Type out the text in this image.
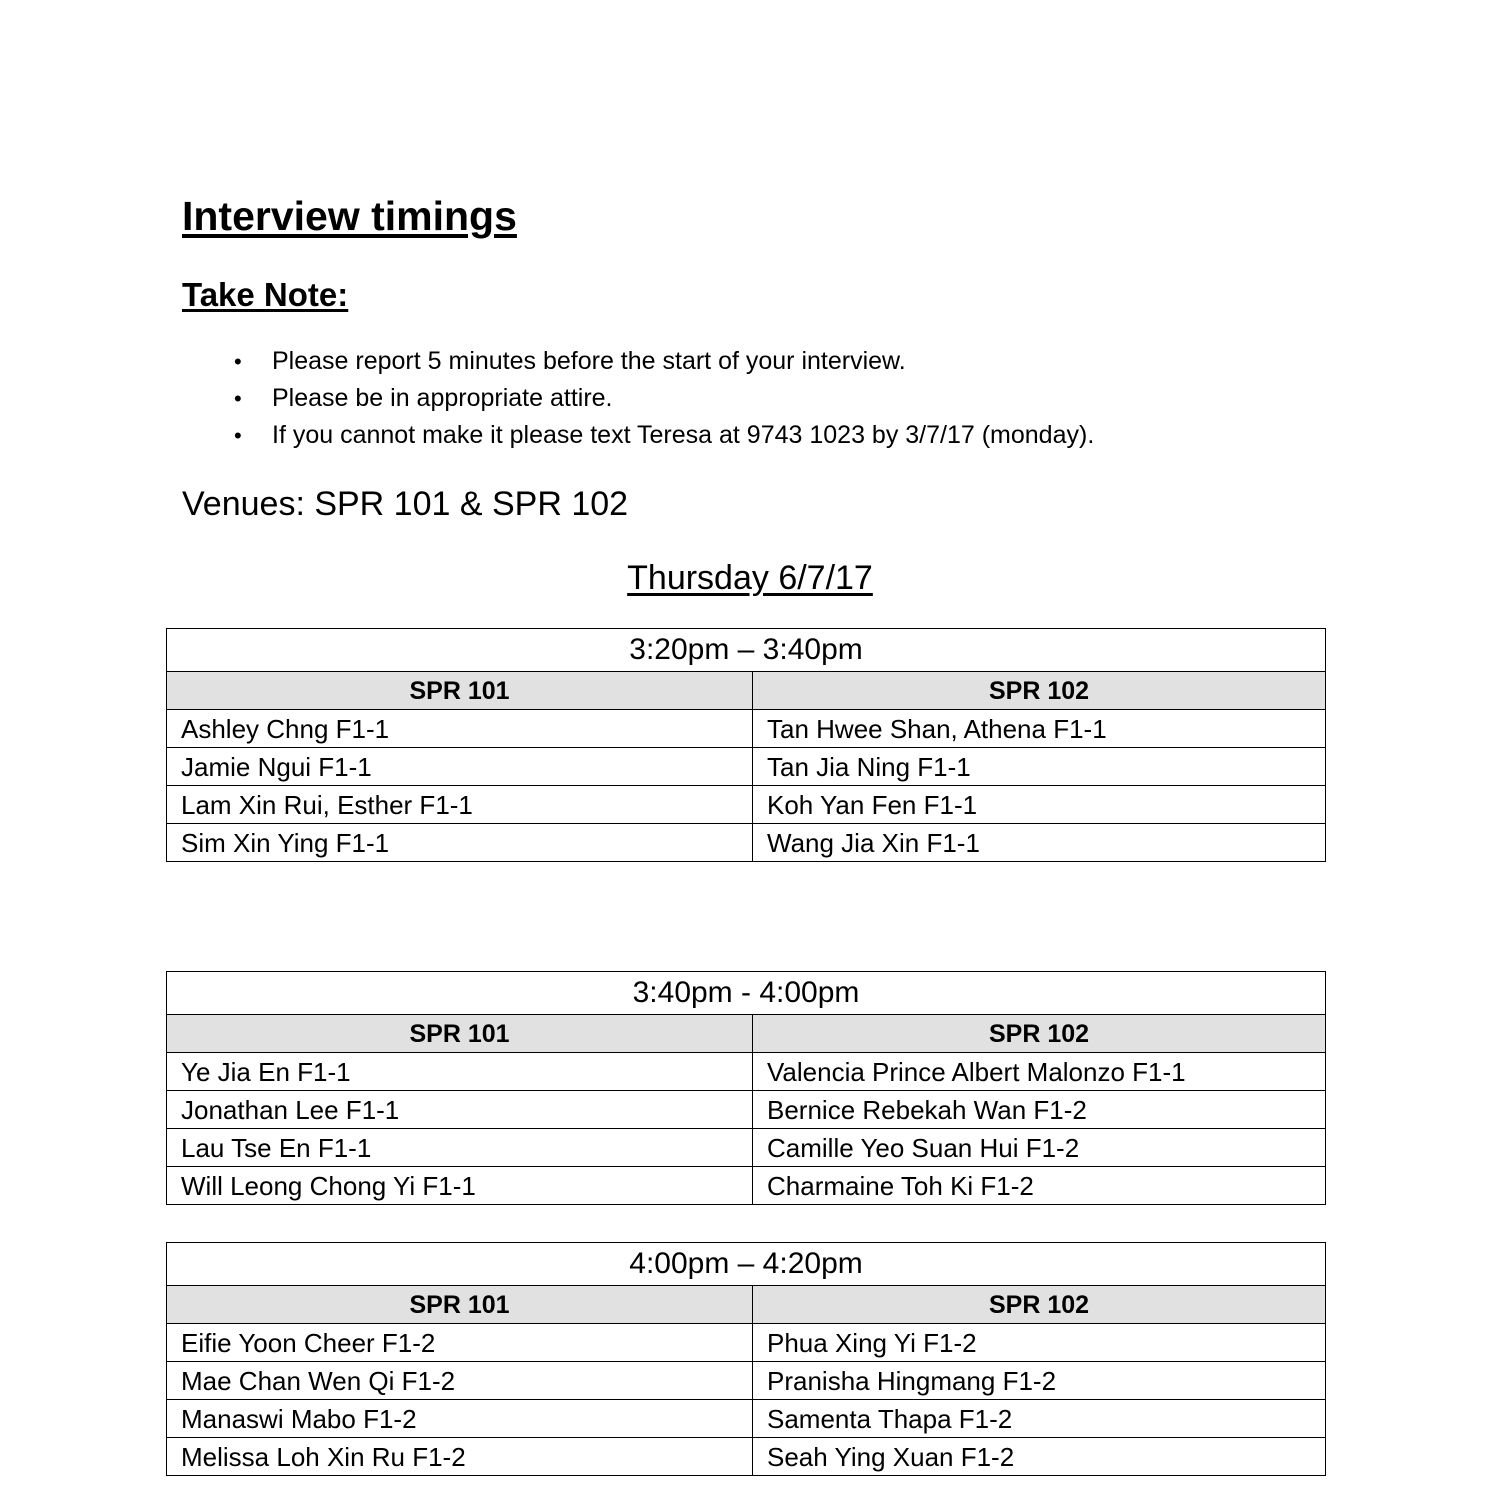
Interview timings
Take Note:
• Please report 5 minutes before the start of your interview.
• Please be in appropriate attire.
• If you cannot make it please text Teresa at 9743 1023 by 3/7/17 (monday).

Venues: SPR 101 & SPR 102

Thursday 6/7/17
3:20pm – 3:40pm	
SPR 101	SPR 102
Ashley Chng F1-1	Tan Hwee Shan, Athena F1-1
Jamie Ngui F1-1	Tan Jia Ning F1-1
Lam Xin Rui, Esther F1-1	Koh Yan Fen F1-1
Sim Xin Ying F1-1	Wang Jia Xin F1-1
3:40pm - 4:00pm	
SPR 101	SPR 102
Ye Jia En F1-1	Valencia Prince Albert Malonzo F1-1
Jonathan Lee F1-1	Bernice Rebekah Wan F1-2
Lau Tse En F1-1	Camille Yeo Suan Hui F1-2
Will Leong Chong Yi F1-1	Charmaine Toh Ki F1-2
4:00pm – 4:20pm	
SPR 101	SPR 102
Eifie Yoon Cheer F1-2	Phua Xing Yi F1-2
Mae Chan Wen Qi F1-2	Pranisha Hingmang F1-2
Manaswi Mabo F1-2	Samenta Thapa F1-2
Melissa Loh Xin Ru F1-2	Seah Ying Xuan F1-2
